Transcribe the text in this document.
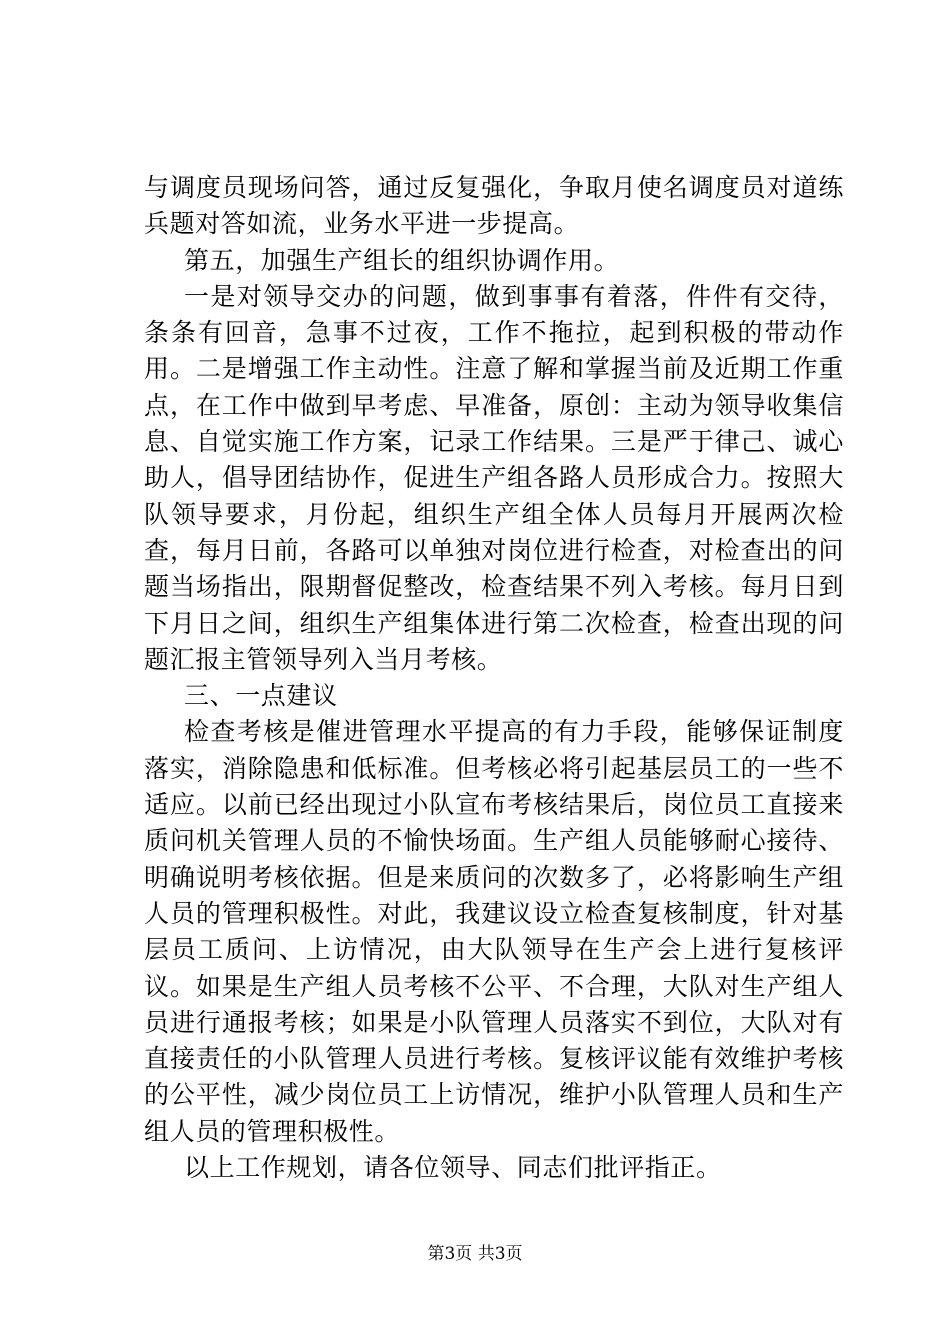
与调度员现场问答，通过反复强化，争取月使名调度员对道练兵题对答如流，业务水平进一步提高。

第五，加强生产组长的组织协调作用。

一是对领导交办的问题，做到事事有着落，件件有交待，条条有回音，急事不过夜，工作不拖拉，起到积极的带动作用。二是增强工作主动性。注意了解和掌握当前及近期工作重点，在工作中做到早考虑、早准备，原创：主动为领导收集信息、自觉实施工作方案，记录工作结果。三是严于律己、诚心助人，倡导团结协作，促进生产组各路人员形成合力。按照大队领导要求，月份起，组织生产组全体人员每月开展两次检查，每月日前，各路可以单独对岗位进行检查，对检查出的问题当场指出，限期督促整改，检查结果不列入考核。每月日到下月日之间，组织生产组集体进行第二次检查，检查出现的问题汇报主管领导列入当月考核。

三、一点建议

检查考核是催进管理水平提高的有力手段，能够保证制度落实，消除隐患和低标准。但考核必将引起基层员工的一些不适应。以前已经出现过小队宣布考核结果后，岗位员工直接来质问机关管理人员的不愉快场面。生产组人员能够耐心接待、明确说明考核依据。但是来质问的次数多了，必将影响生产组人员的管理积极性。对此，我建议设立检查复核制度，针对基层员工质问、上访情况，由大队领导在生产会上进行复核评议。如果是生产组人员考核不公平、不合理，大队对生产组人员进行通报考核；如果是小队管理人员落实不到位，大队对有直接责任的小队管理人员进行考核。复核评议能有效维护考核的公平性，减少岗位员工上访情况，维护小队管理人员和生产组人员的管理积极性。

以上工作规划，请各位领导、同志们批评指正。

第3页 共3页
